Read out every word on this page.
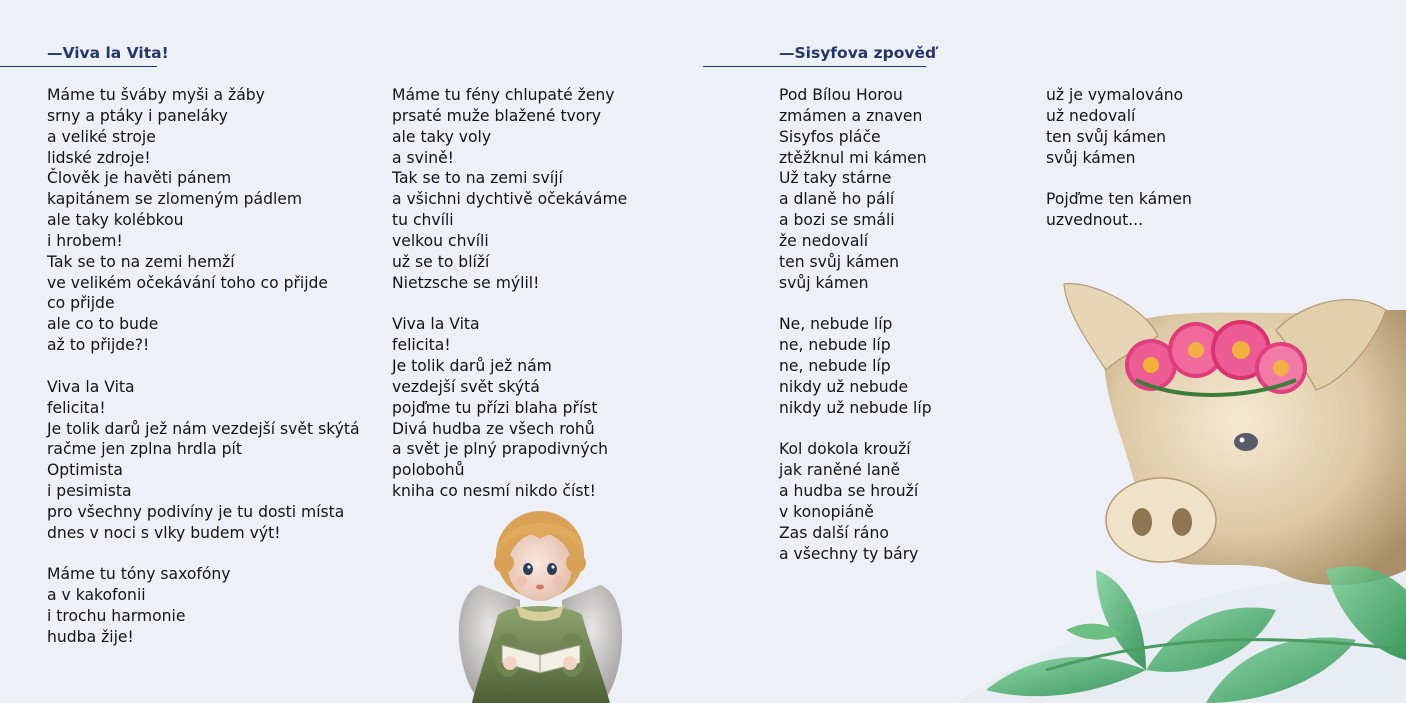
—Viva la Vita!
Máme tu šváby myši a žáby
srny a ptáky i paneláky
a veliké stroje
lidské zdroje!
Člověk je havěti pánem
kapitánem se zlomeným pádlem
ale taky kolébkou
i hrobem!
Tak se to na zemi hemží
ve velikém očekávání toho co přijde
co přijde
ale co to bude
až to přijde?!
Viva la Vita
felicita!
Je tolik darů jež nám vezdejší svět skýtá
račme jen zplna hrdla pít
Optimista
i pesimista
pro všechny podivíny je tu dosti místa
dnes v noci s vlky budem výt!
Máme tu tóny saxofóny
a v kakofonii
i trochu harmonie
hudba žije!
Máme tu fény chlupaté ženy
prsaté muže blažené tvory
ale taky voly
a svině!
Tak se to na zemi svíjí
a všichni dychtivě očekáváme
tu chvíli
velkou chvíli
už se to blíží
Nietzsche se mýlil!
Viva la Vita
felicita!
Je tolik darů jež nám
vezdejší svět skýtá
pojďme tu přízi blaha příst
Divá hudba ze všech rohů
a svět je plný prapodivných
polobohů
kniha co nesmí nikdo číst!
—Sisyfova zpověď
Pod Bílou Horou
zmámen a znaven
Sisyfos pláče
ztěžknul mi kámen
Už taky stárne
a dlaně ho pálí
a bozi se smáli
že nedovalí
ten svůj kámen
svůj kámen
Ne, nebude líp
ne, nebude líp
ne, nebude líp
nikdy už nebude
nikdy už nebude líp
Kol dokola krouží
jak raněné laně
a hudba se hrouží
v konopiáně
Zas další ráno
a všechny ty báry
už je vymalováno
už nedovalí
ten svůj kámen
svůj kámen
Pojďme ten kámen
uzvednout...
